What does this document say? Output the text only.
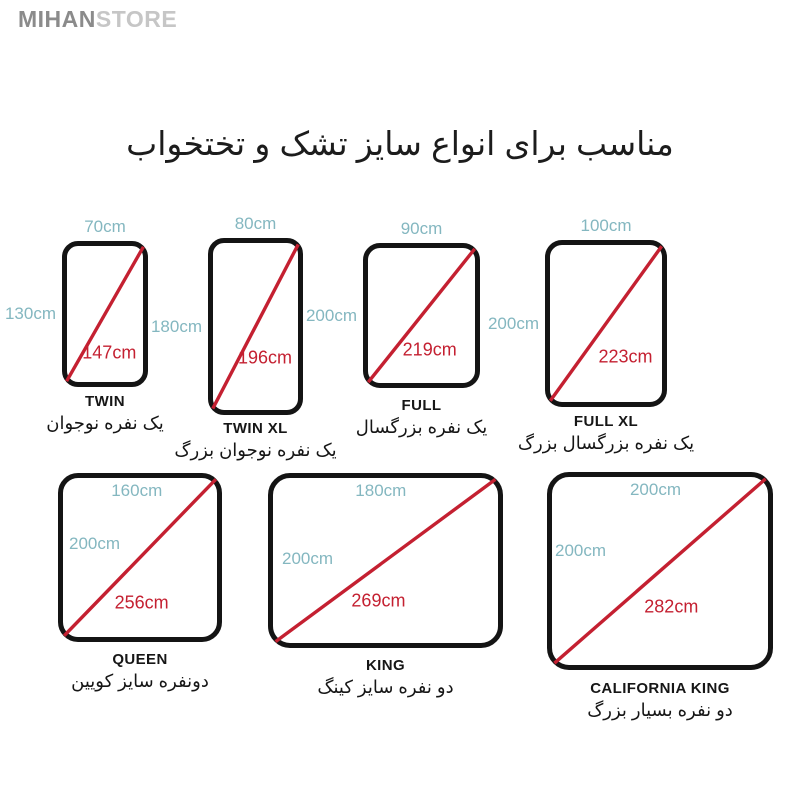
MIHANSTORE
مناسب برای انواع سایز تشک و تختخواب
70cm
130cm
147cm
TWIN
یک نفره نوجوان
80cm
180cm
196cm
TWIN XL
یک نفره نوجوان بزرگ
90cm
200cm
219cm
FULL
یک نفره بزرگسال
100cm
200cm
223cm
FULL XL
یک نفره بزرگسال بزرگ
160cm
200cm
256cm
QUEEN
دونفره سایز کویین
180cm
200cm
269cm
KING
دو نفره سایز کینگ
200cm
200cm
282cm
CALIFORNIA KING
دو نفره بسیار بزرگ
